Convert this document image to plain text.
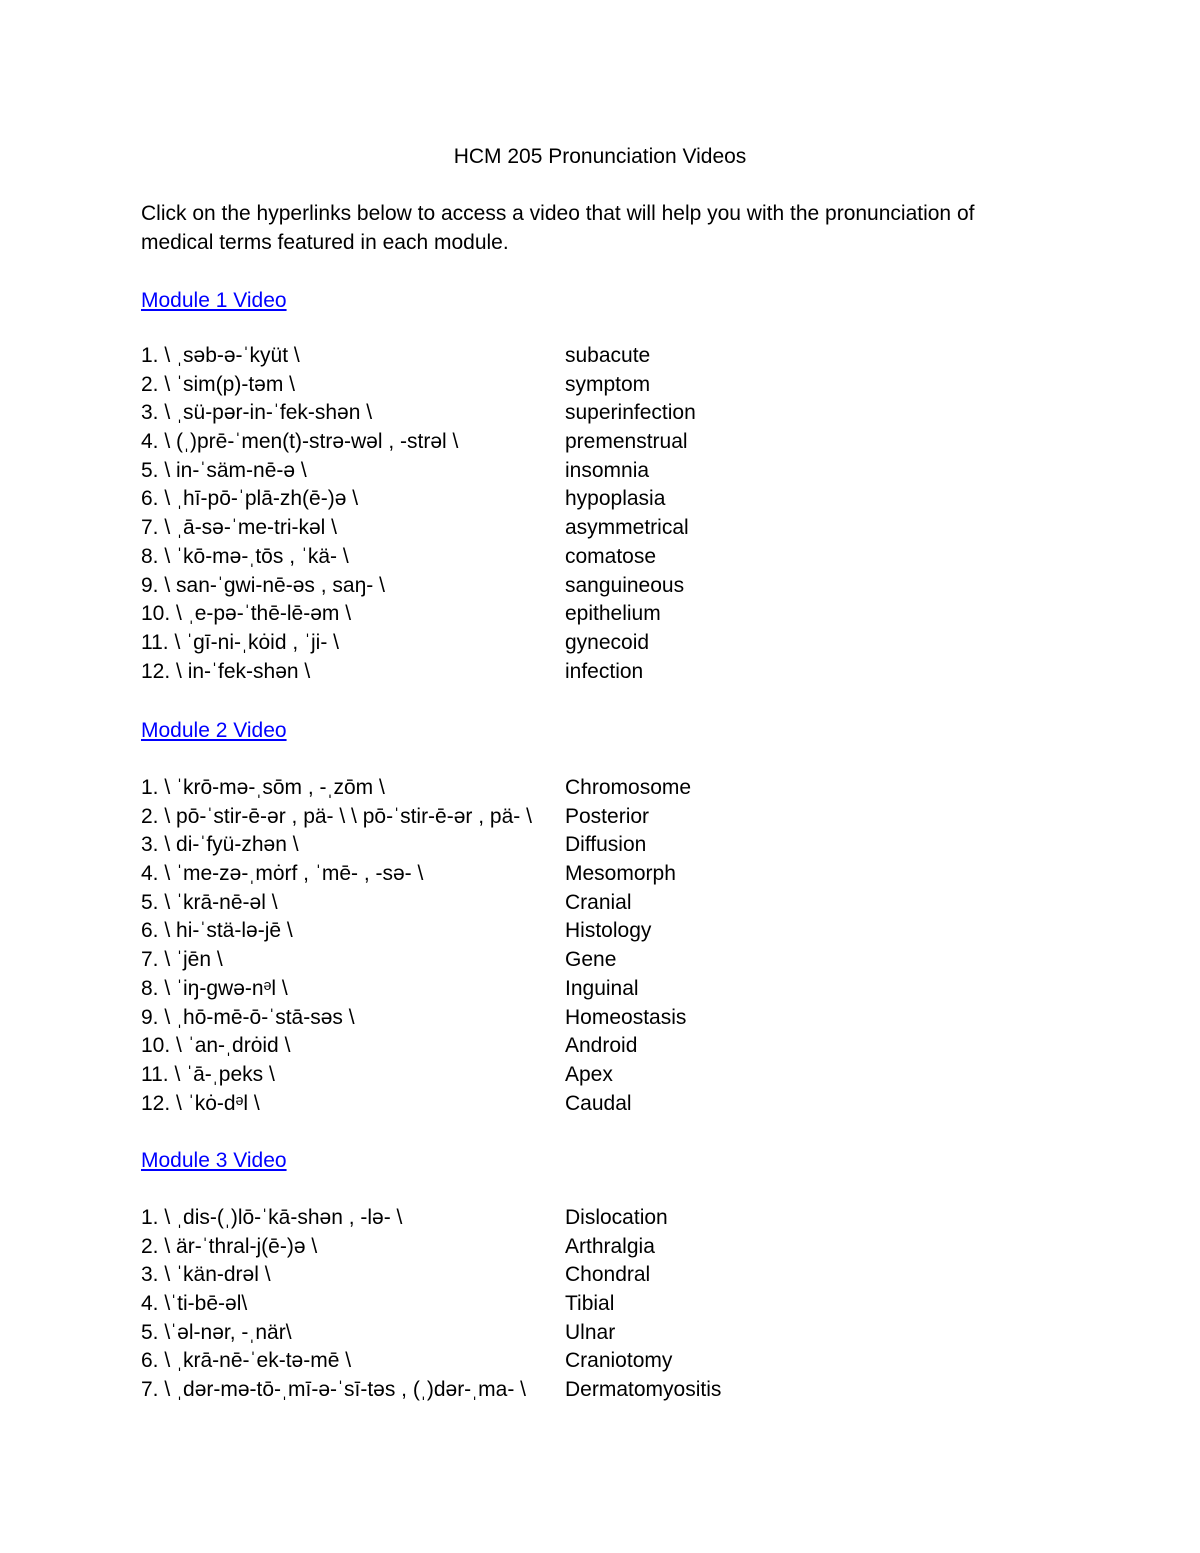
HCM 205 Pronunciation Videos

Click on the hyperlinks below to access a video that will help you with the pronunciation of
medical terms featured in each module.

Module 1 Video
1. \ ˌsəb-ə-ˈkyüt \	subacute
2. \ ˈsim(p)-təm \	symptom
3. \ ˌsü-pər-in-ˈfek-shən \	superinfection
4. \ (ˌ)prē-ˈmen(t)-strə-wəl , -strəl \	premenstrual
5. \ in-ˈsäm-nē-ə \	insomnia
6. \ ˌhī-pō-ˈplā-zh(ē-)ə \	hypoplasia
7. \ ˌā-sə-ˈme-tri-kəl \	asymmetrical
8. \ ˈkō-mə-ˌtōs , ˈkä- \	comatose
9. \ san-ˈgwi-nē-əs , saŋ- \	sanguineous
10. \ ˌe-pə-ˈthē-lē-əm \	epithelium
11. \ ˈgī-ni-ˌkȯid , ˈji- \	gynecoid
12. \ in-ˈfek-shən \	infection
Module 2 Video
1. \ ˈkrō-mə-ˌsōm , -ˌzōm \	Chromosome
2. \ pō-ˈstir-ē-ər , pä- \ \ pō-ˈstir-ē-ər , pä- \ Posterior
3. \ di-ˈfyü-zhən \	Diffusion
4. \ ˈme-zə-ˌmȯrf , ˈmē- , -sə- \	Mesomorph
5. \ ˈkrā-nē-əl \	Cranial
6. \ hi-ˈstä-lə-jē \	Histology
7. \ ˈjēn \	Gene
8. \ ˈiŋ-gwə-nᵊl \	Inguinal
9. \ ˌhō-mē-ō-ˈstā-səs \	Homeostasis
10. \ ˈan-ˌdrȯid \	Android
11. \ ˈā-ˌpeks \	Apex
12. \ ˈkȯ-dᵊl \	Caudal
Module 3 Video
1. \ ˌdis-(ˌ)lō-ˈkā-shən , -lə- \	Dislocation
2. \ är-ˈthral-j(ē-)ə \	Arthralgia
3. \ ˈkän-drəl \	Chondral
4. \ˈti-bē-əl\	Tibial
5. \ˈəl-nər, -ˌnär\	Ulnar
6. \ ˌkrā-nē-ˈek-tə-mē \	Craniotomy
7. \ ˌdər-mə-tō-ˌmī-ə-ˈsī-təs , (ˌ)dər-ˌma- \ Dermatomyositis
